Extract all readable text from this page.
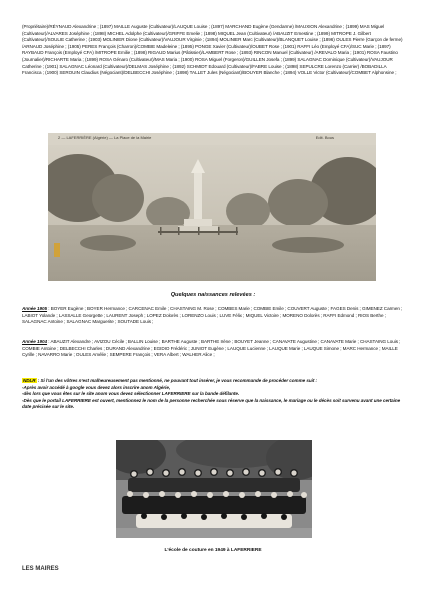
(Propriétaire)/RÉYNAUD Alexandrine ; (1897) MAILLE Auguste (Cultivateur)/LAUQUE Louise ; (1897) MARCHAND Eugène (Gendarme) /MAUXION Alexandrine ; (1899) MAS Miguel (Cultivateur)/ALVARES Joséphine ; (1898) MICHEL Adolphe (Cultivateur)/GRIFFE Emelie ; (1898) MIQUEL Jean (Cultivateur) /ABAUZIT Ernestine ; (1899) MITROPE J. Gilbert (Cultivateur)/SOULIE Catherine ; (1903) MOLINIER Dione (Cultivateur)/VAUJOUR Virginie ; (1894) MOLINIER Marc (Cultivateur)/BLANQUET Louise ; (1896) OULES Pierre (Garçon de ferme) /ARNAUD Joséphine ; (1905) PERES François (Charron)/COMBIE Madeleine ; (1895) PONGE Xavier (Cultivateur)/OUBET Rose ; (1901) RAFFI Léo (Employé CFA)/SUC Marie ; (1897) RAYBAUD François (Employé CFA) /MITROPE Emilie ; (1898) RIGAUD Marius (Pâtissier)/LAMBERT Rose ; (1893) RINCON Manuel (Cultivateur) /AREVALO Maria ; (1901) ROSA Faustino (Journalier)/RICHARTE Maria ; (1899) ROSA Génaro (Cultivateur)/MAS Maria ; (1900) ROSA Miguel (Forgeron)/GUILLEN Josefa ; (1899) SALAGNAC Dominique (Cultivateur)/VAUJOUR Catherine ; (1901) SALAGNAC Léonard (Cultivateur)/DELMAS Joséphine ; (1892) SCHMIDT Edouard (Cultivateur)/FABRE Louise ; (1898) SEPULCRE Lorenzo (Carrier) /BOBADILLA Francisca ; (1900) SEROUIN Claudius (Négociant)/DELBECCHI Joséphine ; (1898) TALLET Jules (Négociant)/BOUYER Blanche ; (1894) VOLLE Victor (Cultivateur)/COMBET Alphonsine ;
2 — LAFERRIÈRE (Algérie) — La Place de la Mairie	Edit. Bous
Quelques naissances relevées :
Année 1905 : BOYER Eugène ; BOYER Hermance ; CARCENAC Emile ; CHASTAING M. Rose ; COMBES Marie ; COMBIE Emile ; COUVERT Auguste ; FAGES Denis ; GIMENEZ Carmen ; LABIOT Yolande ; LASSALLE Georgette ; LAURENT Joseph ; LOPEZ Dolorès ; LORENZO Louis ; LUVE Félix ; MIQUEL Victoire ; MORENO Dolorès ; RAFFI Edmond ; RIOS Berthe ; SALAGNAC Antoine ; SALAGNAC Marguerite ; SOUTADE Louis ;
Année 1904 : ABAUZIT Alexandre ; AVIZOU Cécile ; BALLIN Louise ; BARTHE Auguste ; BARTHE Irène ; BOUYET Jeanne ; CANAVATE Augustine ; CANAVATE Marie ; CHASTAING Louis ; COMBIE Antoine ; DELBECCHI Charles ; DURAND Alexandrine ; EGIDIO Frédéric ; JUNIOT Eugène ; LAUQUE Lucienne ; LAUQUE Marie ; LAUQUE Simone ; MARC Hermance ; MAILLE Cyrille ; NAVARRO Marie ; OULES Amélie ; SEMPERE François ; VERA Albert ; WALHER Alice ;
NDLR : Si l'un des vôtres n'est malheureusement pas mentionné, ne pouvant tout insérer, je vous recommande de procéder comme suit :
-Après avoir accédé à google vous devez alors inscrire anom Algérie,
-dès lors que vous êtes sur le site anom vous devez sélectionner LAFERRIERE sur la bande défilante.
-Dès que le portail LAFERRIERE est ouvert, mentionnez le nom de la personne recherchée sous réserve que la naissance, le mariage ou le décès soit survenu avant une certaine date précisée sur le site.
L'école de couture en 1949 à LAFERRIERE
LES MAIRES
